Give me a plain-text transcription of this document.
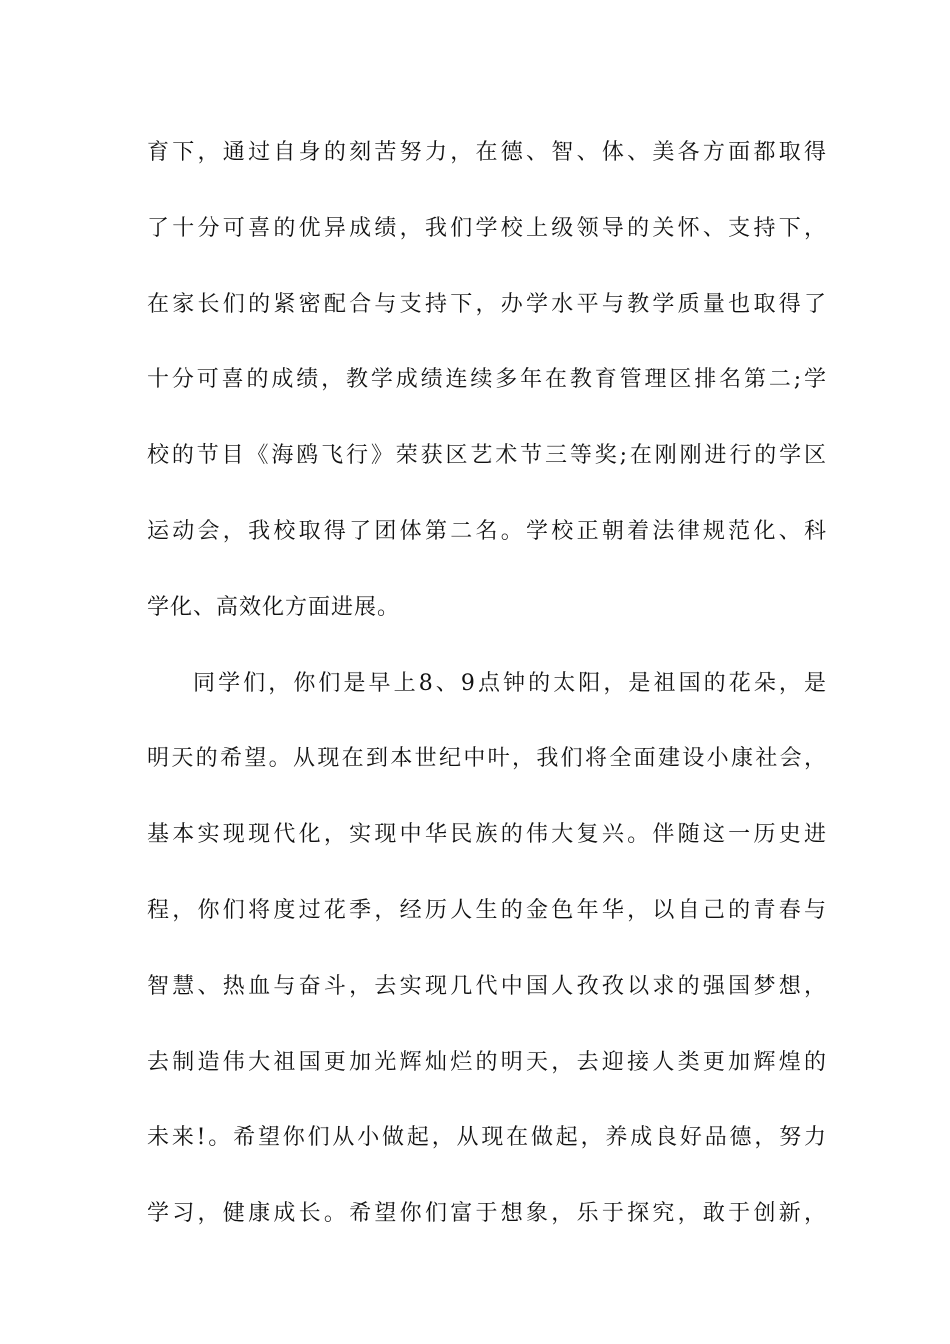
育下，通过自身的刻苦努力，在德、智、体、美各方面都取得
了十分可喜的优异成绩，我们学校上级领导的关怀、支持下，
在家长们的紧密配合与支持下，办学水平与教学质量也取得了
十分可喜的成绩，教学成绩连续多年在教育管理区排名第二;学
校的节目《海鸥飞行》荣获区艺术节三等奖;在刚刚进行的学区
运动会，我校取得了团体第二名。学校正朝着法律规范化、科
学化、高效化方面进展。
同学们，你们是早上8、9点钟的太阳，是祖国的花朵，是
明天的希望。从现在到本世纪中叶，我们将全面建设小康社会，
基本实现现代化，实现中华民族的伟大复兴。伴随这一历史进
程，你们将度过花季，经历人生的金色年华，以自己的青春与
智慧、热血与奋斗，去实现几代中国人孜孜以求的强国梦想，
去制造伟大祖国更加光辉灿烂的明天，去迎接人类更加辉煌的
未来!。希望你们从小做起，从现在做起，养成良好品德，努力
学习，健康成长。希望你们富于想象，乐于探究，敢于创新，
